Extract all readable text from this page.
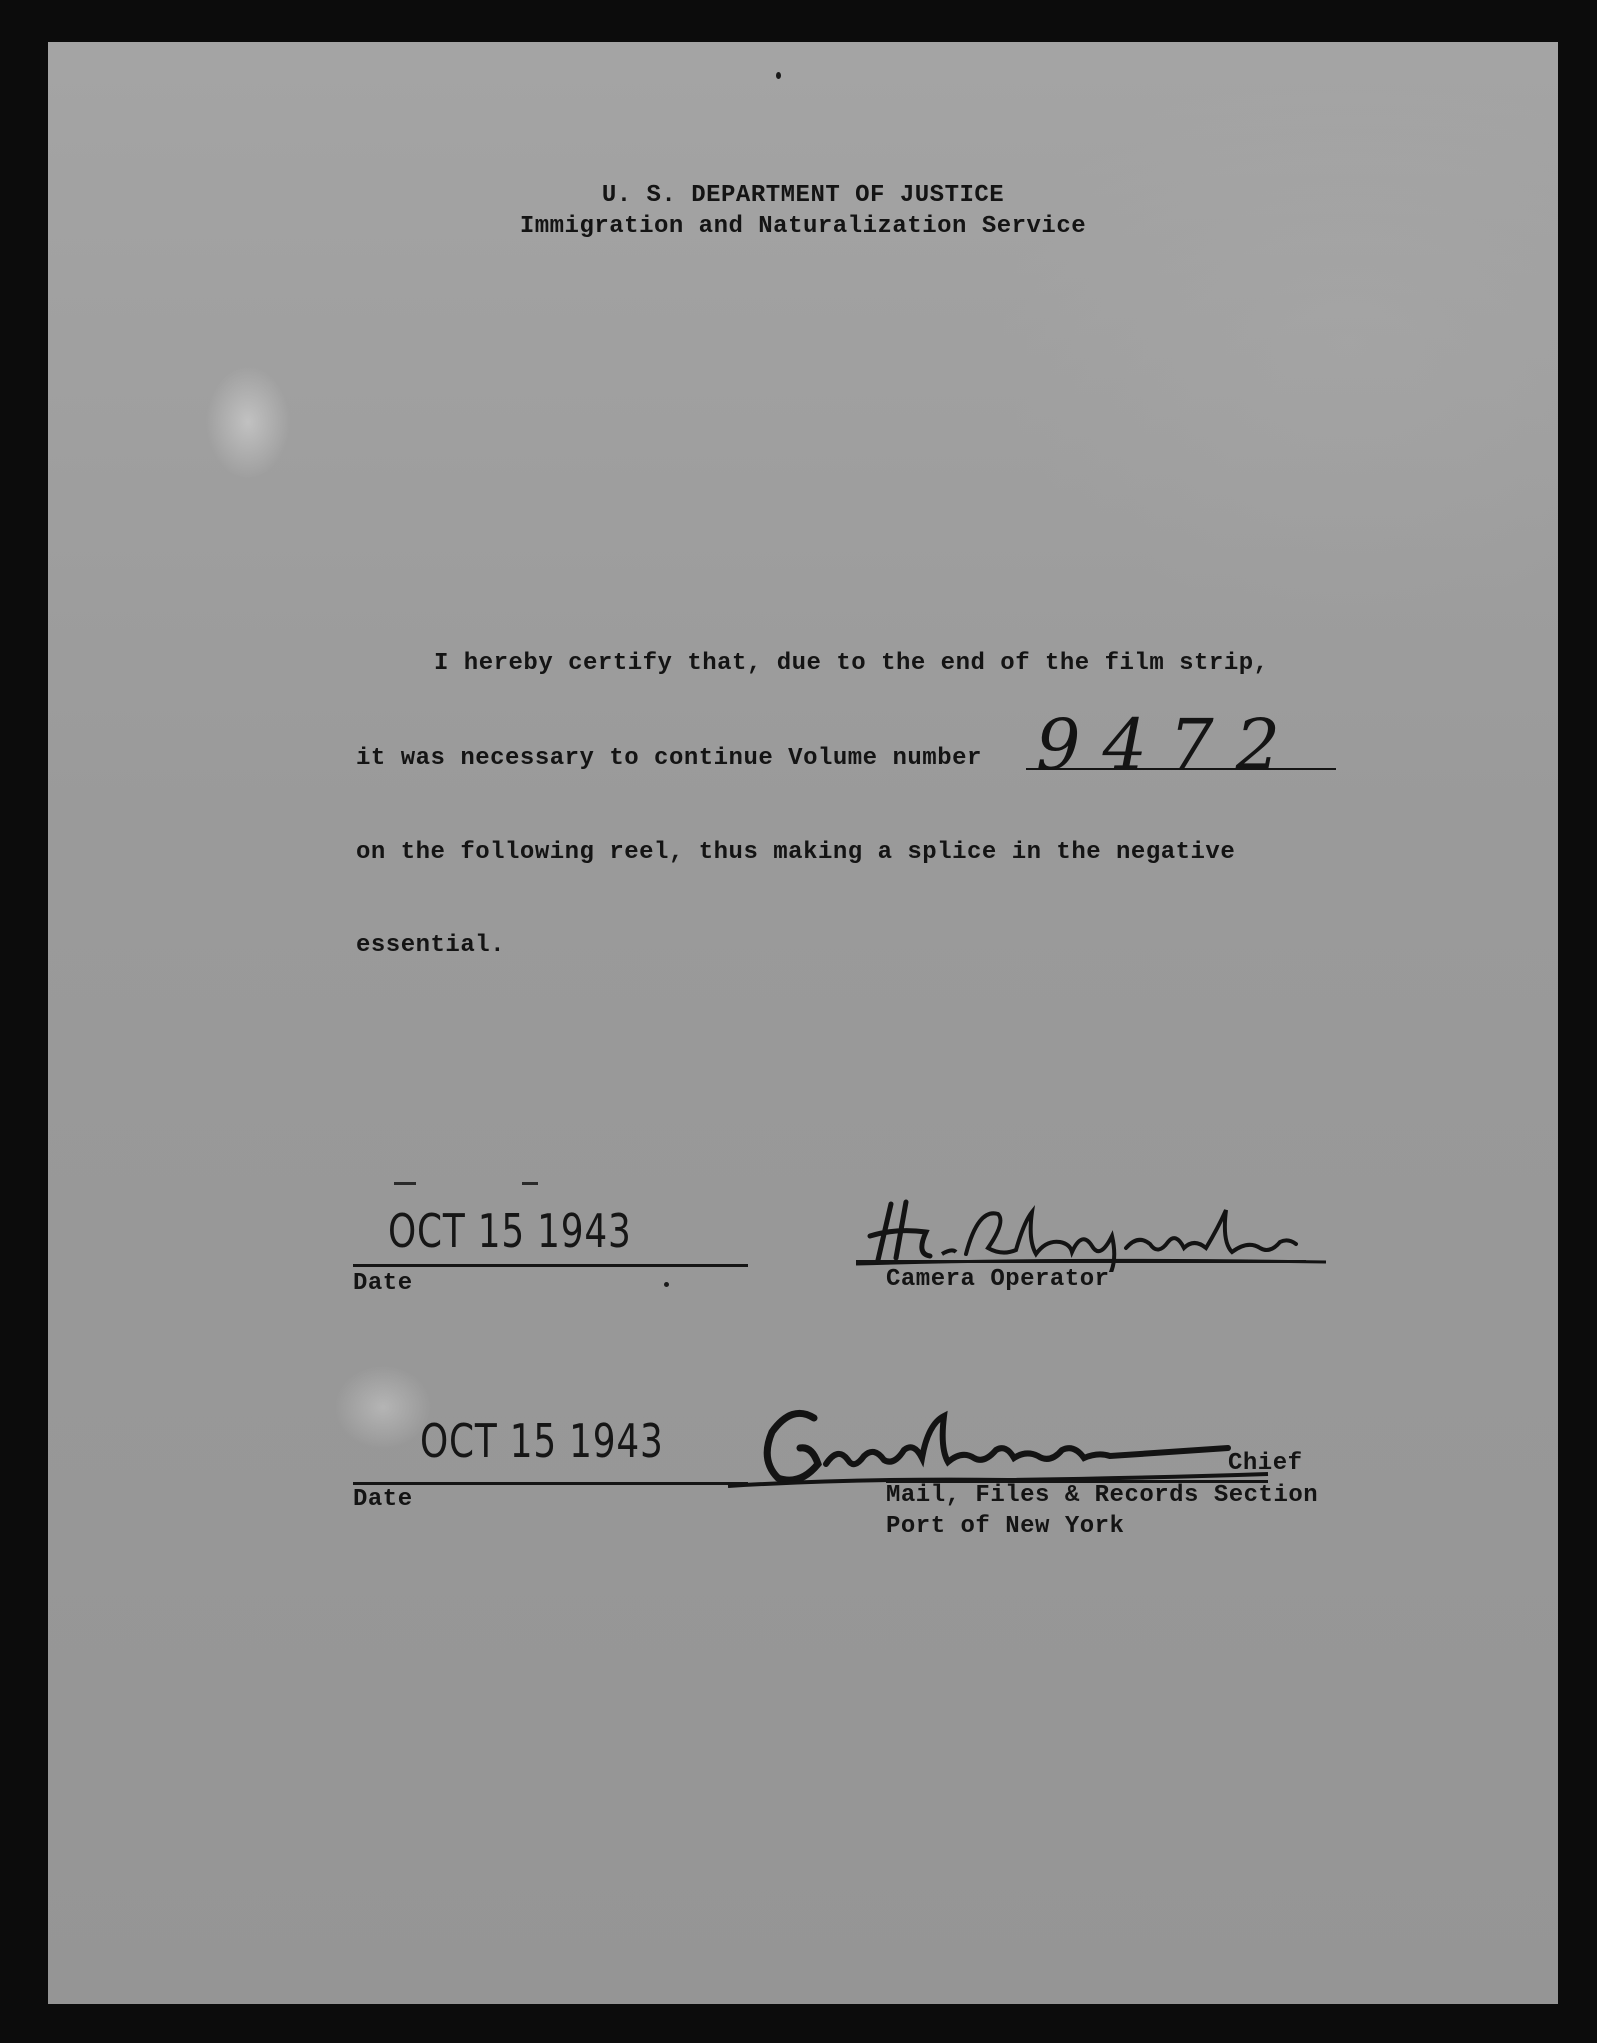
U. S. DEPARTMENT OF JUSTICE
Immigration and Naturalization Service
I hereby certify that, due to the end of the film strip,
it was necessary to continue Volume number 9472
on the following reel, thus making a splice in the negative
essential.
OCT 15 1943
Date	Camera Operator
OCT 15 1943
Date
Chief
Mail, Files & Records Section
Port of New York
